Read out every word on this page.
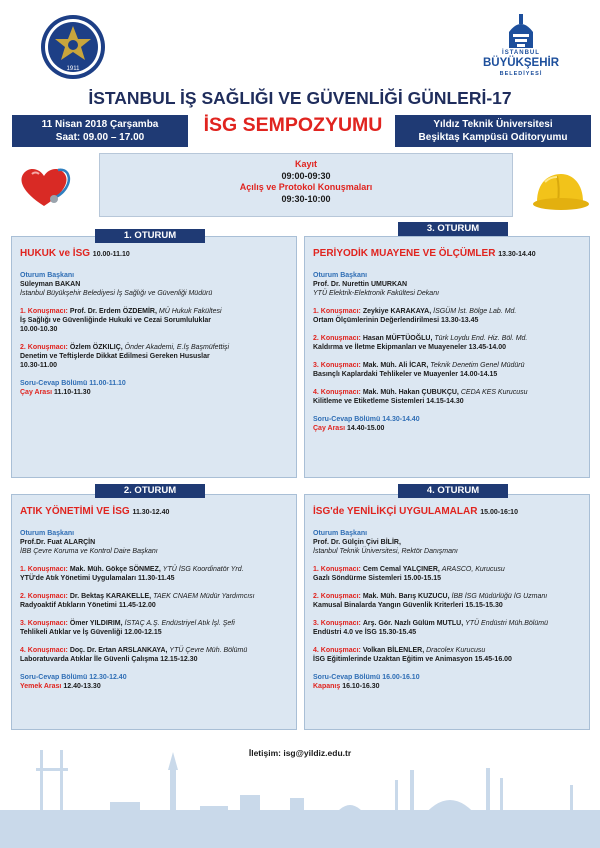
1911
İSTANBUL
BÜYÜKŞEHİR
BELEDİYESİ
İSTANBUL İŞ SAĞLIĞI VE GÜVENLİĞİ GÜNLERİ-17
11 Nisan 2018 Çarşamba
Saat: 09.00 – 17.00
İSG SEMPOZYUMU	Yıldız Teknik Üniversitesi
Beşiktaş Kampüsü Oditoryumu
Kayıt
09:00-09:30
Açılış ve Protokol Konuşmaları
09:30-10:00
HUKUK ve İSG 10.00-11.10
Oturum Başkanı
Süleyman BAKAN
İstanbul Büyükşehir Belediyesi İş Sağlığı ve Güvenliği Müdürü

1. Konuşmacı: Prof. Dr. Erdem ÖZDEMİR, MÜ Hukuk Fakültesi

İş Sağlığı ve Güvenliğinde Hukuki ve Cezai Sorumluluklar

10.00-10.30

2. Konuşmacı: Özlem ÖZKILIÇ, Önder Akademi, E.İş Başmüfettişi

Denetim ve Teftişlerde Dikkat Edilmesi Gereken Hususlar

10.30-11.00

Soru-Cevap Bölümü 11.00-11.10
Çay Arası 11.10-11.30
1. OTURUM
PERİYODİK MUAYENE VE ÖLÇÜMLER 13.30-14.40
Oturum Başkanı
Prof. Dr. Nurettin UMURKAN
YTÜ Elektrik-Elektronik Fakültesi Dekanı

1. Konuşmacı: Zeykiye KARAKAYA, İSGÜM İst. Bölge Lab. Md.

Ortam Ölçümlerinin Değerlendirilmesi 13.30-13.45

2. Konuşmacı: Hasan MÜFTÜOĞLU, Türk Loydu End. Hiz. Böl. Md.

Kaldırma ve İletme Ekipmanları ve Muayeneler 13.45-14.00

3. Konuşmacı: Mak. Müh. Ali İCAR, Teknik Denetim Genel Müdürü

Basınçlı Kaplardaki Tehlikeler ve Muayenler 14.00-14.15

4. Konuşmacı: Mak. Müh. Hakan ÇUBUKÇU, CEDA KES Kurucusu

Kilitleme ve Etiketleme Sistemleri 14.15-14.30

Soru-Cevap Bölümü 14.30-14.40
Çay Arası 14.40-15.00
3. OTURUM
ATIK YÖNETİMİ VE İSG 11.30-12.40
Oturum Başkanı
Prof.Dr. Fuat ALARÇİN
İBB Çevre Koruma ve Kontrol Daire Başkanı

1. Konuşmacı: Mak. Müh. Gökçe SÖNMEZ, YTÜ İSG Koordinatör Yrd.

YTÜ'de Atık Yönetimi Uygulamaları 11.30-11.45

2. Konuşmacı: Dr. Bektaş KARAKELLE, TAEK CNAEM Müdür Yardımcısı

Radyoaktif Atıkların Yönetimi 11.45-12.00

3. Konuşmacı: Ömer YILDIRIM, İSTAÇ A.Ş. Endüstriyel Atık İşl. Şefi

Tehlikeli Atıklar ve İş Güvenliği 12.00-12.15

4. Konuşmacı: Doç. Dr. Ertan ARSLANKAYA, YTÜ Çevre Müh. Bölümü

Laboratuvarda Atıklar İle Güvenli Çalışma 12.15-12.30

Soru-Cevap Bölümü 12.30-12.40
Yemek Arası 12.40-13.30
2. OTURUM
İSG'de YENİLİKÇİ UYGULAMALAR 15.00-16:10
Oturum Başkanı
Prof. Dr. Gülçin Çivi BİLİR,
İstanbul Teknik Üniversitesi, Rektör Danışmanı

1. Konuşmacı: Cem Cemal YALÇINER, ARASCO, Kurucusu

Gazlı Söndürme Sistemleri 15.00-15.15

2. Konuşmacı: Mak. Müh. Barış KUZUCU, İBB İSG Müdürlüğü İG Uzmanı

Kamusal Binalarda Yangın Güvenlik Kriterleri 15.15-15.30

3. Konuşmacı: Arş. Gör. Nazlı Gülüm MUTLU, YTÜ Endüstri Müh.Bölümü

Endüstri 4.0 ve İSG 15.30-15.45

4. Konuşmacı: Volkan BİLENLER, Dracolex Kurucusu

İSG Eğitimlerinde Uzaktan Eğitim ve Animasyon 15.45-16.00

Soru-Cevap Bölümü 16.00-16.10
Kapanış 16.10-16.30
4. OTURUM
İletişim: isg@yildiz.edu.tr
